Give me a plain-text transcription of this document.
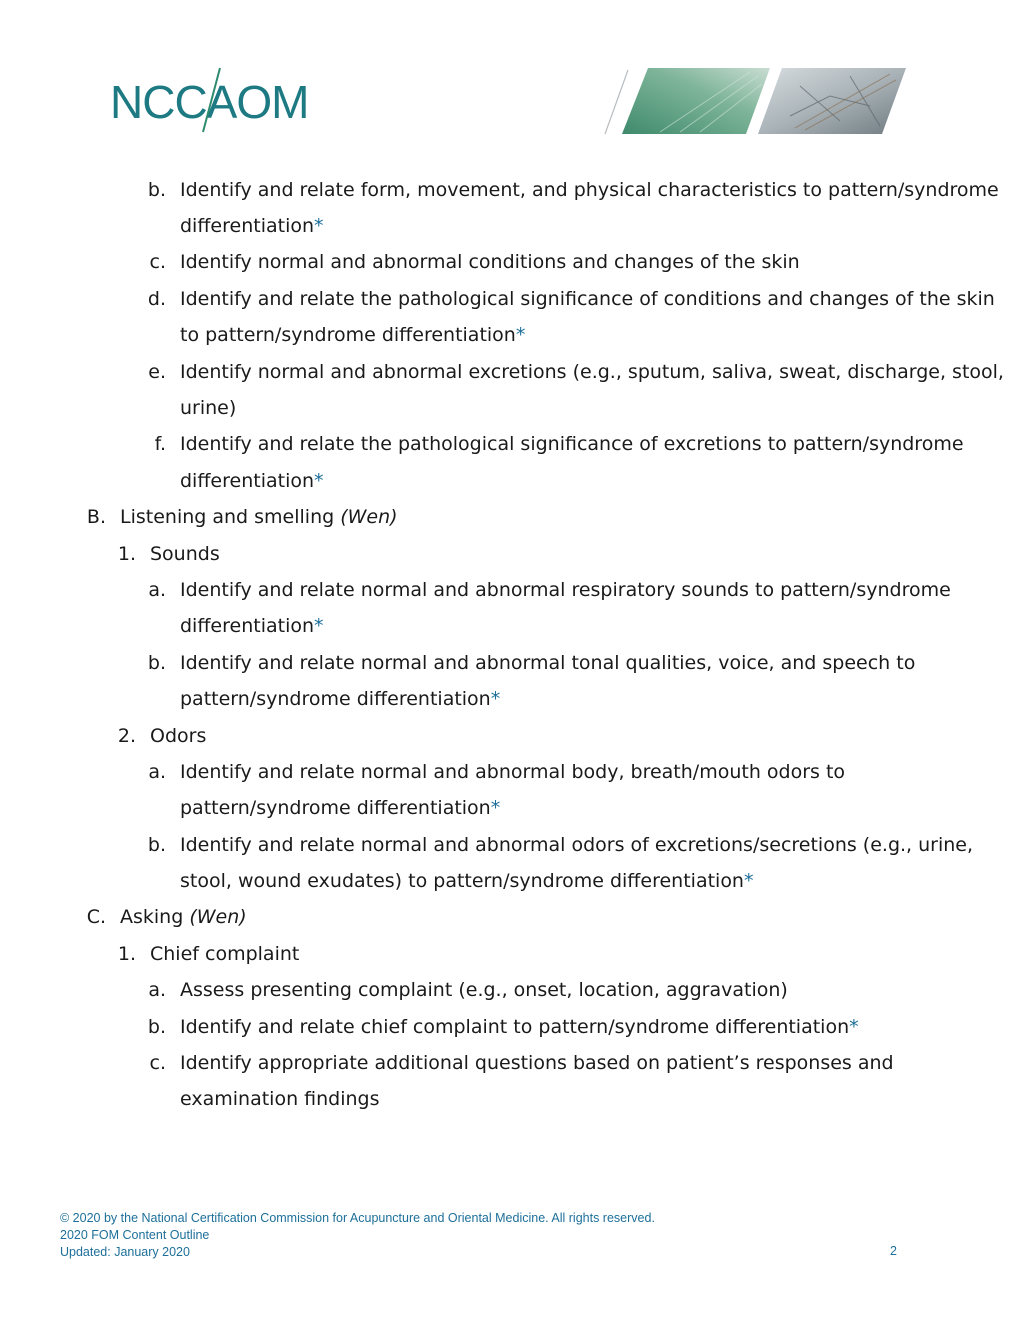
NCCAOM
b. Identify and relate form, movement, and physical characteristics to pattern/syndrome
differentiation*
c. Identify normal and abnormal conditions and changes of the skin
d. Identify and relate the pathological significance of conditions and changes of the skin
to pattern/syndrome differentiation*
e. Identify normal and abnormal excretions (e.g., sputum, saliva, sweat, discharge, stool,
urine)
f. Identify and relate the pathological significance of excretions to pattern/syndrome
differentiation*
B. Listening and smelling (Wen)
1. Sounds
a. Identify and relate normal and abnormal respiratory sounds to pattern/syndrome
differentiation*
b. Identify and relate normal and abnormal tonal qualities, voice, and speech to
pattern/syndrome differentiation*
2. Odors
a. Identify and relate normal and abnormal body, breath/mouth odors to
pattern/syndrome differentiation*
b. Identify and relate normal and abnormal odors of excretions/secretions (e.g., urine,
stool, wound exudates) to pattern/syndrome differentiation*
C. Asking (Wen)
1. Chief complaint
a. Assess presenting complaint (e.g., onset, location, aggravation)
b. Identify and relate chief complaint to pattern/syndrome differentiation*
c. Identify appropriate additional questions based on patient’s responses and
examination findings
© 2020 by the National Certification Commission for Acupuncture and Oriental Medicine. All rights reserved.
2020 FOM Content Outline
Updated: January 2020	2
